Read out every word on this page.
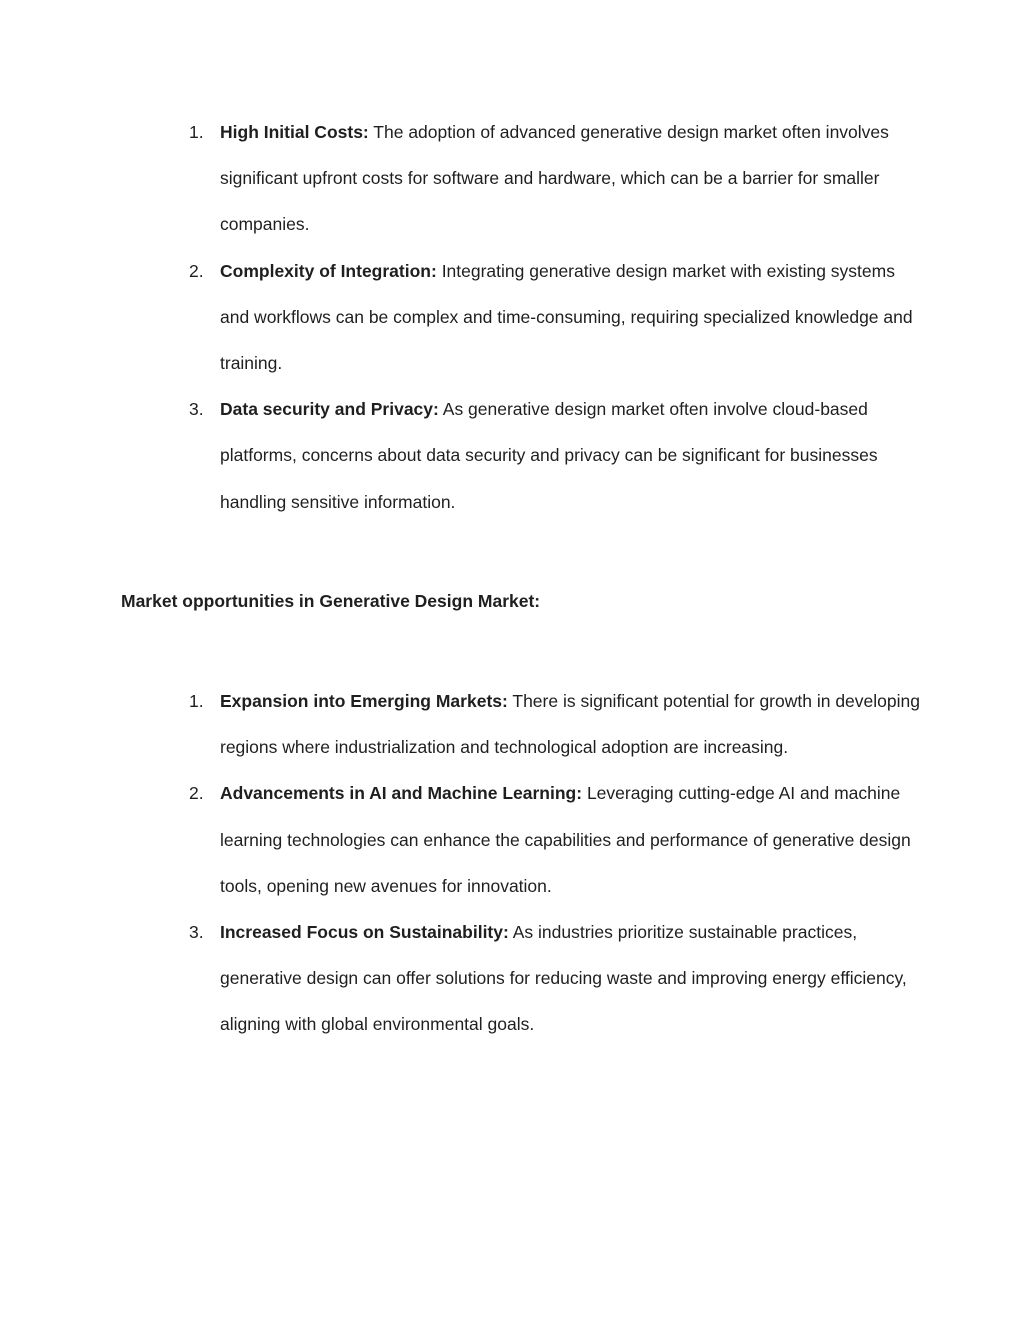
1. High Initial Costs: The adoption of advanced generative design market often involves significant upfront costs for software and hardware, which can be a barrier for smaller companies.
2. Complexity of Integration: Integrating generative design market with existing systems and workflows can be complex and time-consuming, requiring specialized knowledge and training.
3. Data security and Privacy: As generative design market often involve cloud-based platforms, concerns about data security and privacy can be significant for businesses handling sensitive information.
Market opportunities in Generative Design Market:
1. Expansion into Emerging Markets: There is significant potential for growth in developing regions where industrialization and technological adoption are increasing.
2. Advancements in AI and Machine Learning: Leveraging cutting-edge AI and machine learning technologies can enhance the capabilities and performance of generative design tools, opening new avenues for innovation.
3. Increased Focus on Sustainability: As industries prioritize sustainable practices, generative design can offer solutions for reducing waste and improving energy efficiency, aligning with global environmental goals.
